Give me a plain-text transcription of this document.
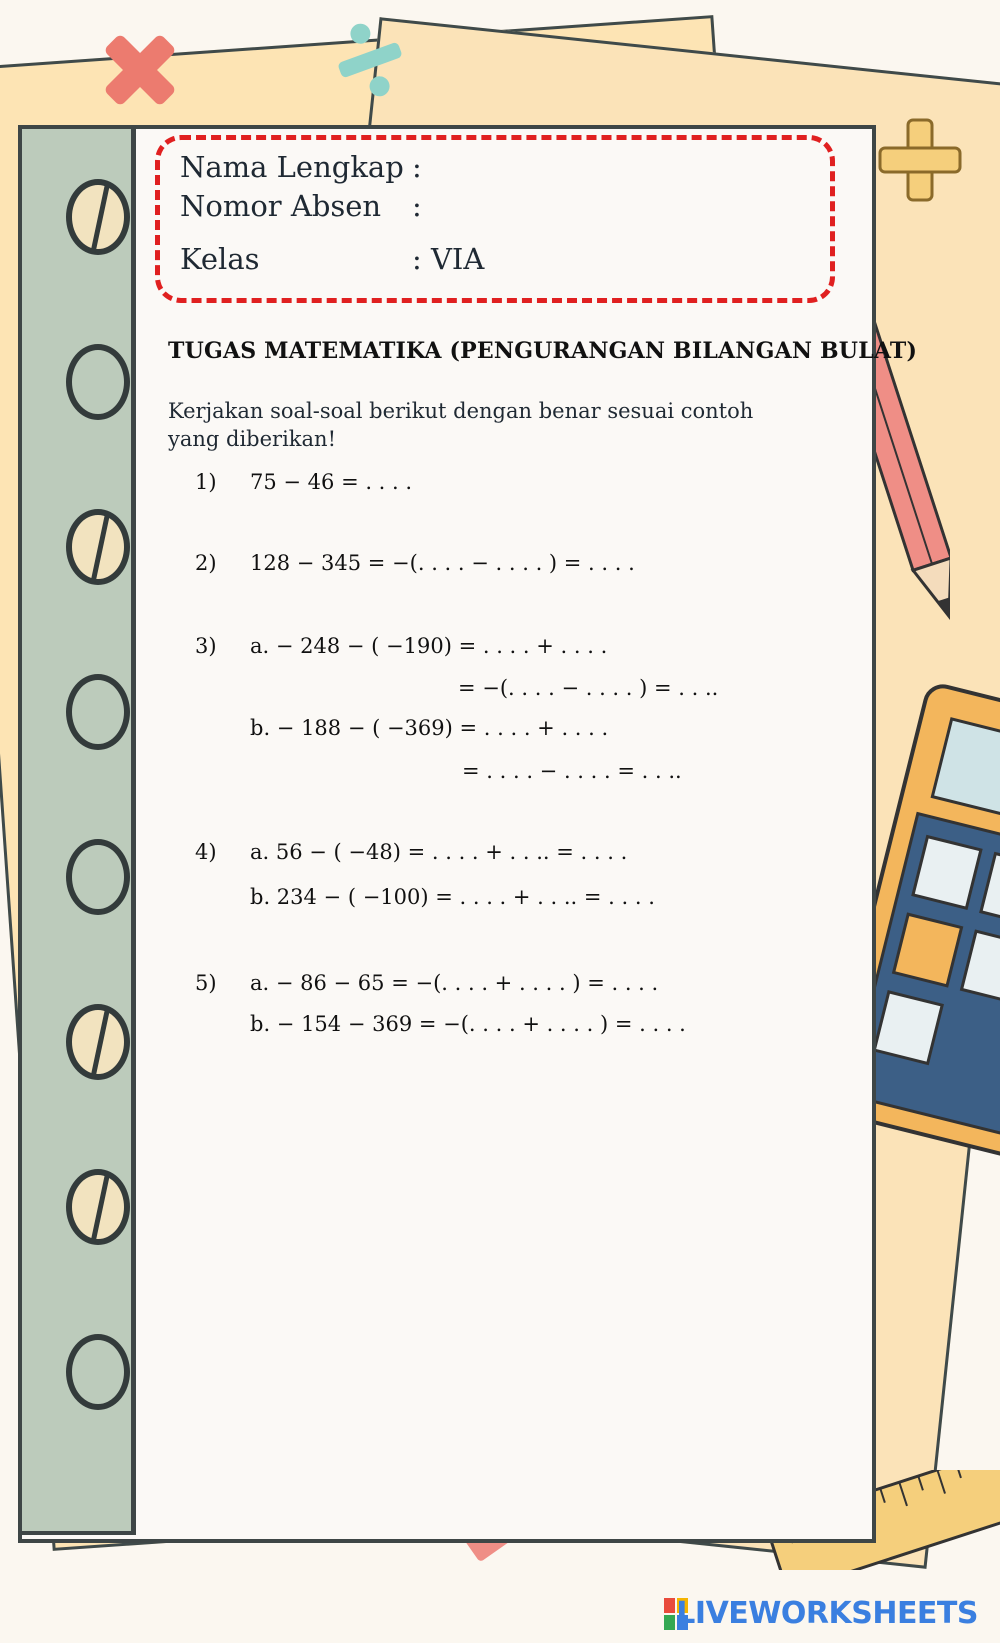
Nama Lengkap :
Nomor Absen :
Kelas	: VIA
TUGAS MATEMATIKA (PENGURANGAN BILANGAN BULAT)
Kerjakan soal-soal berikut dengan benar sesuai contoh yang diberikan!
1) 75 − 46 = . . . .
2) 128 − 345 = −(. . . . − . . . . ) = . . . .
3) a. − 248 − ( −190) = . . . . + . . . .
= −(. . . . − . . . . ) = . . ..
b. − 188 − ( −369) = . . . . + . . . .
= . . . . − . . . . = . . ..
4) a. 56 − ( −48) = . . . . + . . .. = . . . .
b. 234 − ( −100) = . . . . + . . .. = . . . .
5) a. − 86 − 65 = −(. . . . + . . . . ) = . . . .
b. − 154 − 369 = −(. . . . + . . . . ) = . . . .
LIVEWORKSHEETS
